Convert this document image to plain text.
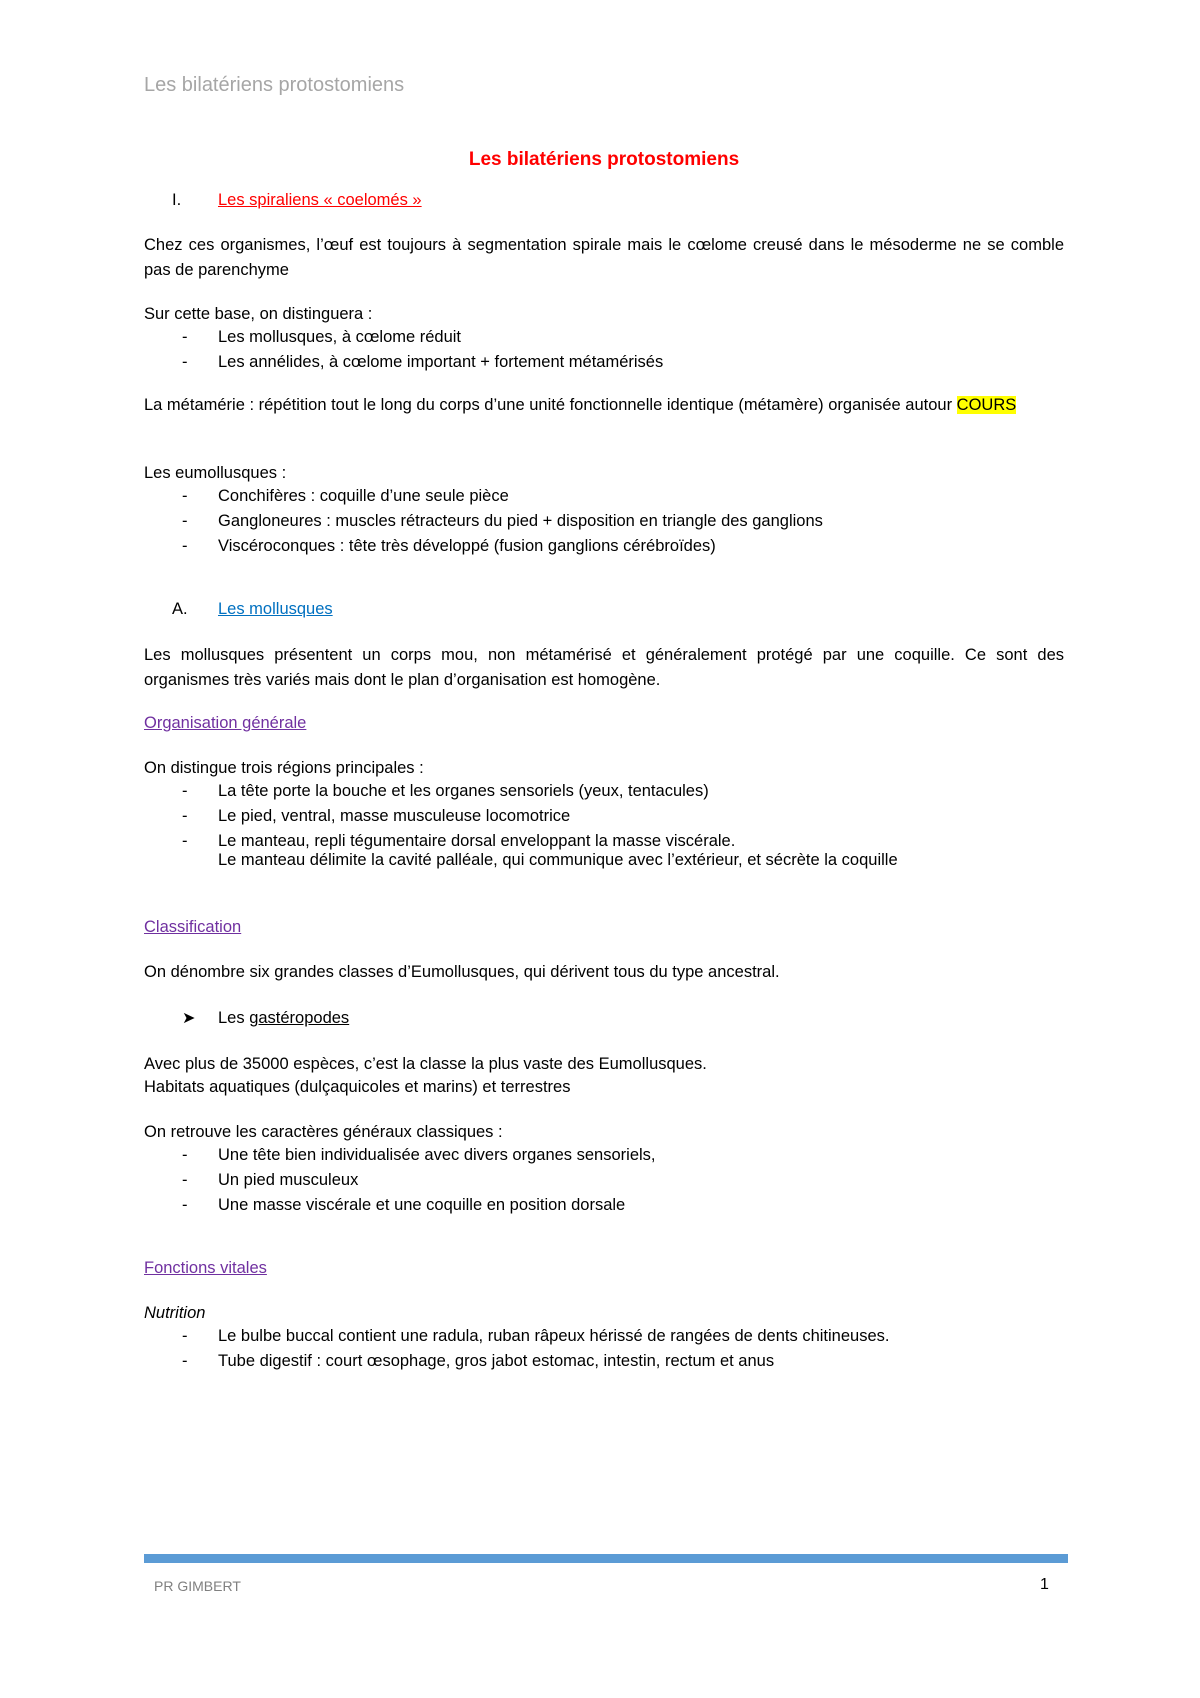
Les bilatériens protostomiens
Les bilatériens protostomiens
I. Les spiraliens « coelomés »
Chez ces organismes, l’œuf est toujours à segmentation spirale mais le cœlome creusé dans le mésoderme ne se comble pas de parenchyme
Sur cette base, on distinguera :
- Les mollusques, à cœlome réduit
- Les annélides, à cœlome important + fortement métamérisés
La métamérie : répétition tout le long du corps d’une unité fonctionnelle identique (métamère) organisée autour COURS
Les eumollusques :
- Conchifères : coquille d’une seule pièce
- Gangloneures : muscles rétracteurs du pied + disposition en triangle des ganglions
- Viscéroconques : tête très développé (fusion ganglions cérébroïdes)
A. Les mollusques
Les mollusques présentent un corps mou, non métamérisé et généralement protégé par une coquille. Ce sont des organismes très variés mais dont le plan d’organisation est homogène.
Organisation générale
On distingue trois régions principales :
- La tête porte la bouche et les organes sensoriels (yeux, tentacules)
- Le pied, ventral, masse musculeuse locomotrice
- Le manteau, repli tégumentaire dorsal enveloppant la masse viscérale.
Le manteau délimite la cavité palléale, qui communique avec l’extérieur, et sécrète la coquille
Classification
On dénombre six grandes classes d’Eumollusques, qui dérivent tous du type ancestral.
➤ Les gastéropodes
Avec plus de 35000 espèces, c’est la classe la plus vaste des Eumollusques.
Habitats aquatiques (dulçaquicoles et marins) et terrestres
On retrouve les caractères généraux classiques :
- Une tête bien individualisée avec divers organes sensoriels,
- Un pied musculeux
- Une masse viscérale et une coquille en position dorsale
Fonctions vitales
Nutrition
- Le bulbe buccal contient une radula, ruban râpeux hérissé de rangées de dents chitineuses.
- Tube digestif : court œsophage, gros jabot estomac, intestin, rectum et anus
PR GIMBERT	1
